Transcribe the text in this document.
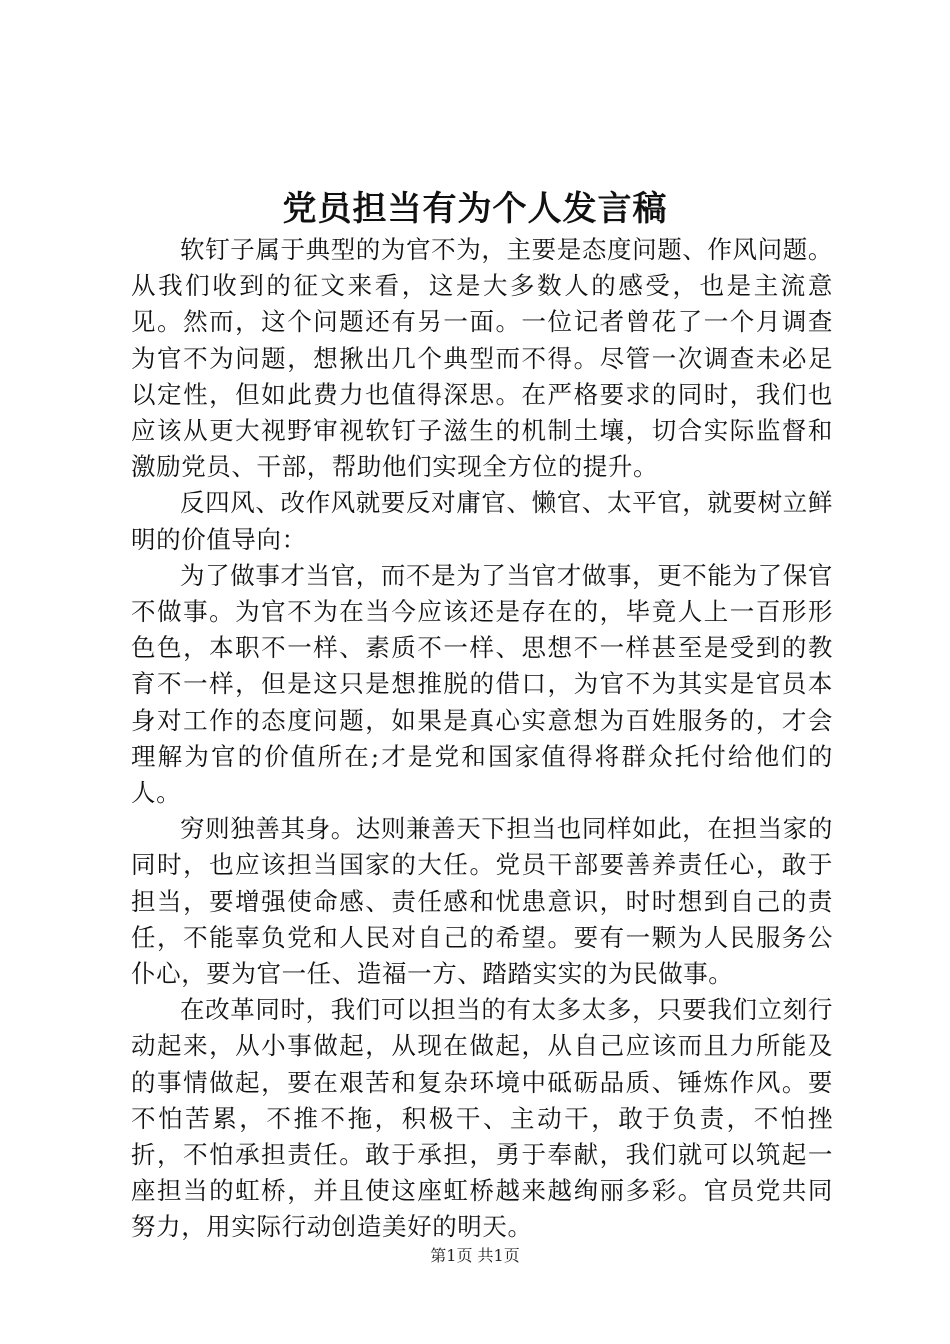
党员担当有为个人发言稿

软钉子属于典型的为官不为，主要是态度问题、作风问题。从我们收到的征文来看，这是大多数人的感受，也是主流意见。然而，这个问题还有另一面。一位记者曾花了一个月调查为官不为问题，想揪出几个典型而不得。尽管一次调查未必足以定性，但如此费力也值得深思。在严格要求的同时，我们也应该从更大视野审视软钉子滋生的机制土壤，切合实际监督和激励党员、干部，帮助他们实现全方位的提升。

反四风、改作风就要反对庸官、懒官、太平官，就要树立鲜明的价值导向：

为了做事才当官，而不是为了当官才做事，更不能为了保官不做事。为官不为在当今应该还是存在的，毕竟人上一百形形色色，本职不一样、素质不一样、思想不一样甚至是受到的教育不一样，但是这只是想推脱的借口，为官不为其实是官员本身对工作的态度问题，如果是真心实意想为百姓服务的，才会理解为官的价值所在;才是党和国家值得将群众托付给他们的人。

穷则独善其身。达则兼善天下担当也同样如此，在担当家的同时，也应该担当国家的大任。党员干部要善养责任心，敢于担当，要增强使命感、责任感和忧患意识，时时想到自己的责任，不能辜负党和人民对自己的希望。要有一颗为人民服务公仆心，要为官一任、造福一方、踏踏实实的为民做事。

在改革同时，我们可以担当的有太多太多，只要我们立刻行动起来，从小事做起，从现在做起，从自己应该而且力所能及的事情做起，要在艰苦和复杂环境中砥砺品质、锤炼作风。要不怕苦累，不推不拖，积极干、主动干，敢于负责，不怕挫折，不怕承担责任。敢于承担，勇于奉献，我们就可以筑起一座担当的虹桥，并且使这座虹桥越来越绚丽多彩。官员党共同努力，用实际行动创造美好的明天。

第1页 共1页
